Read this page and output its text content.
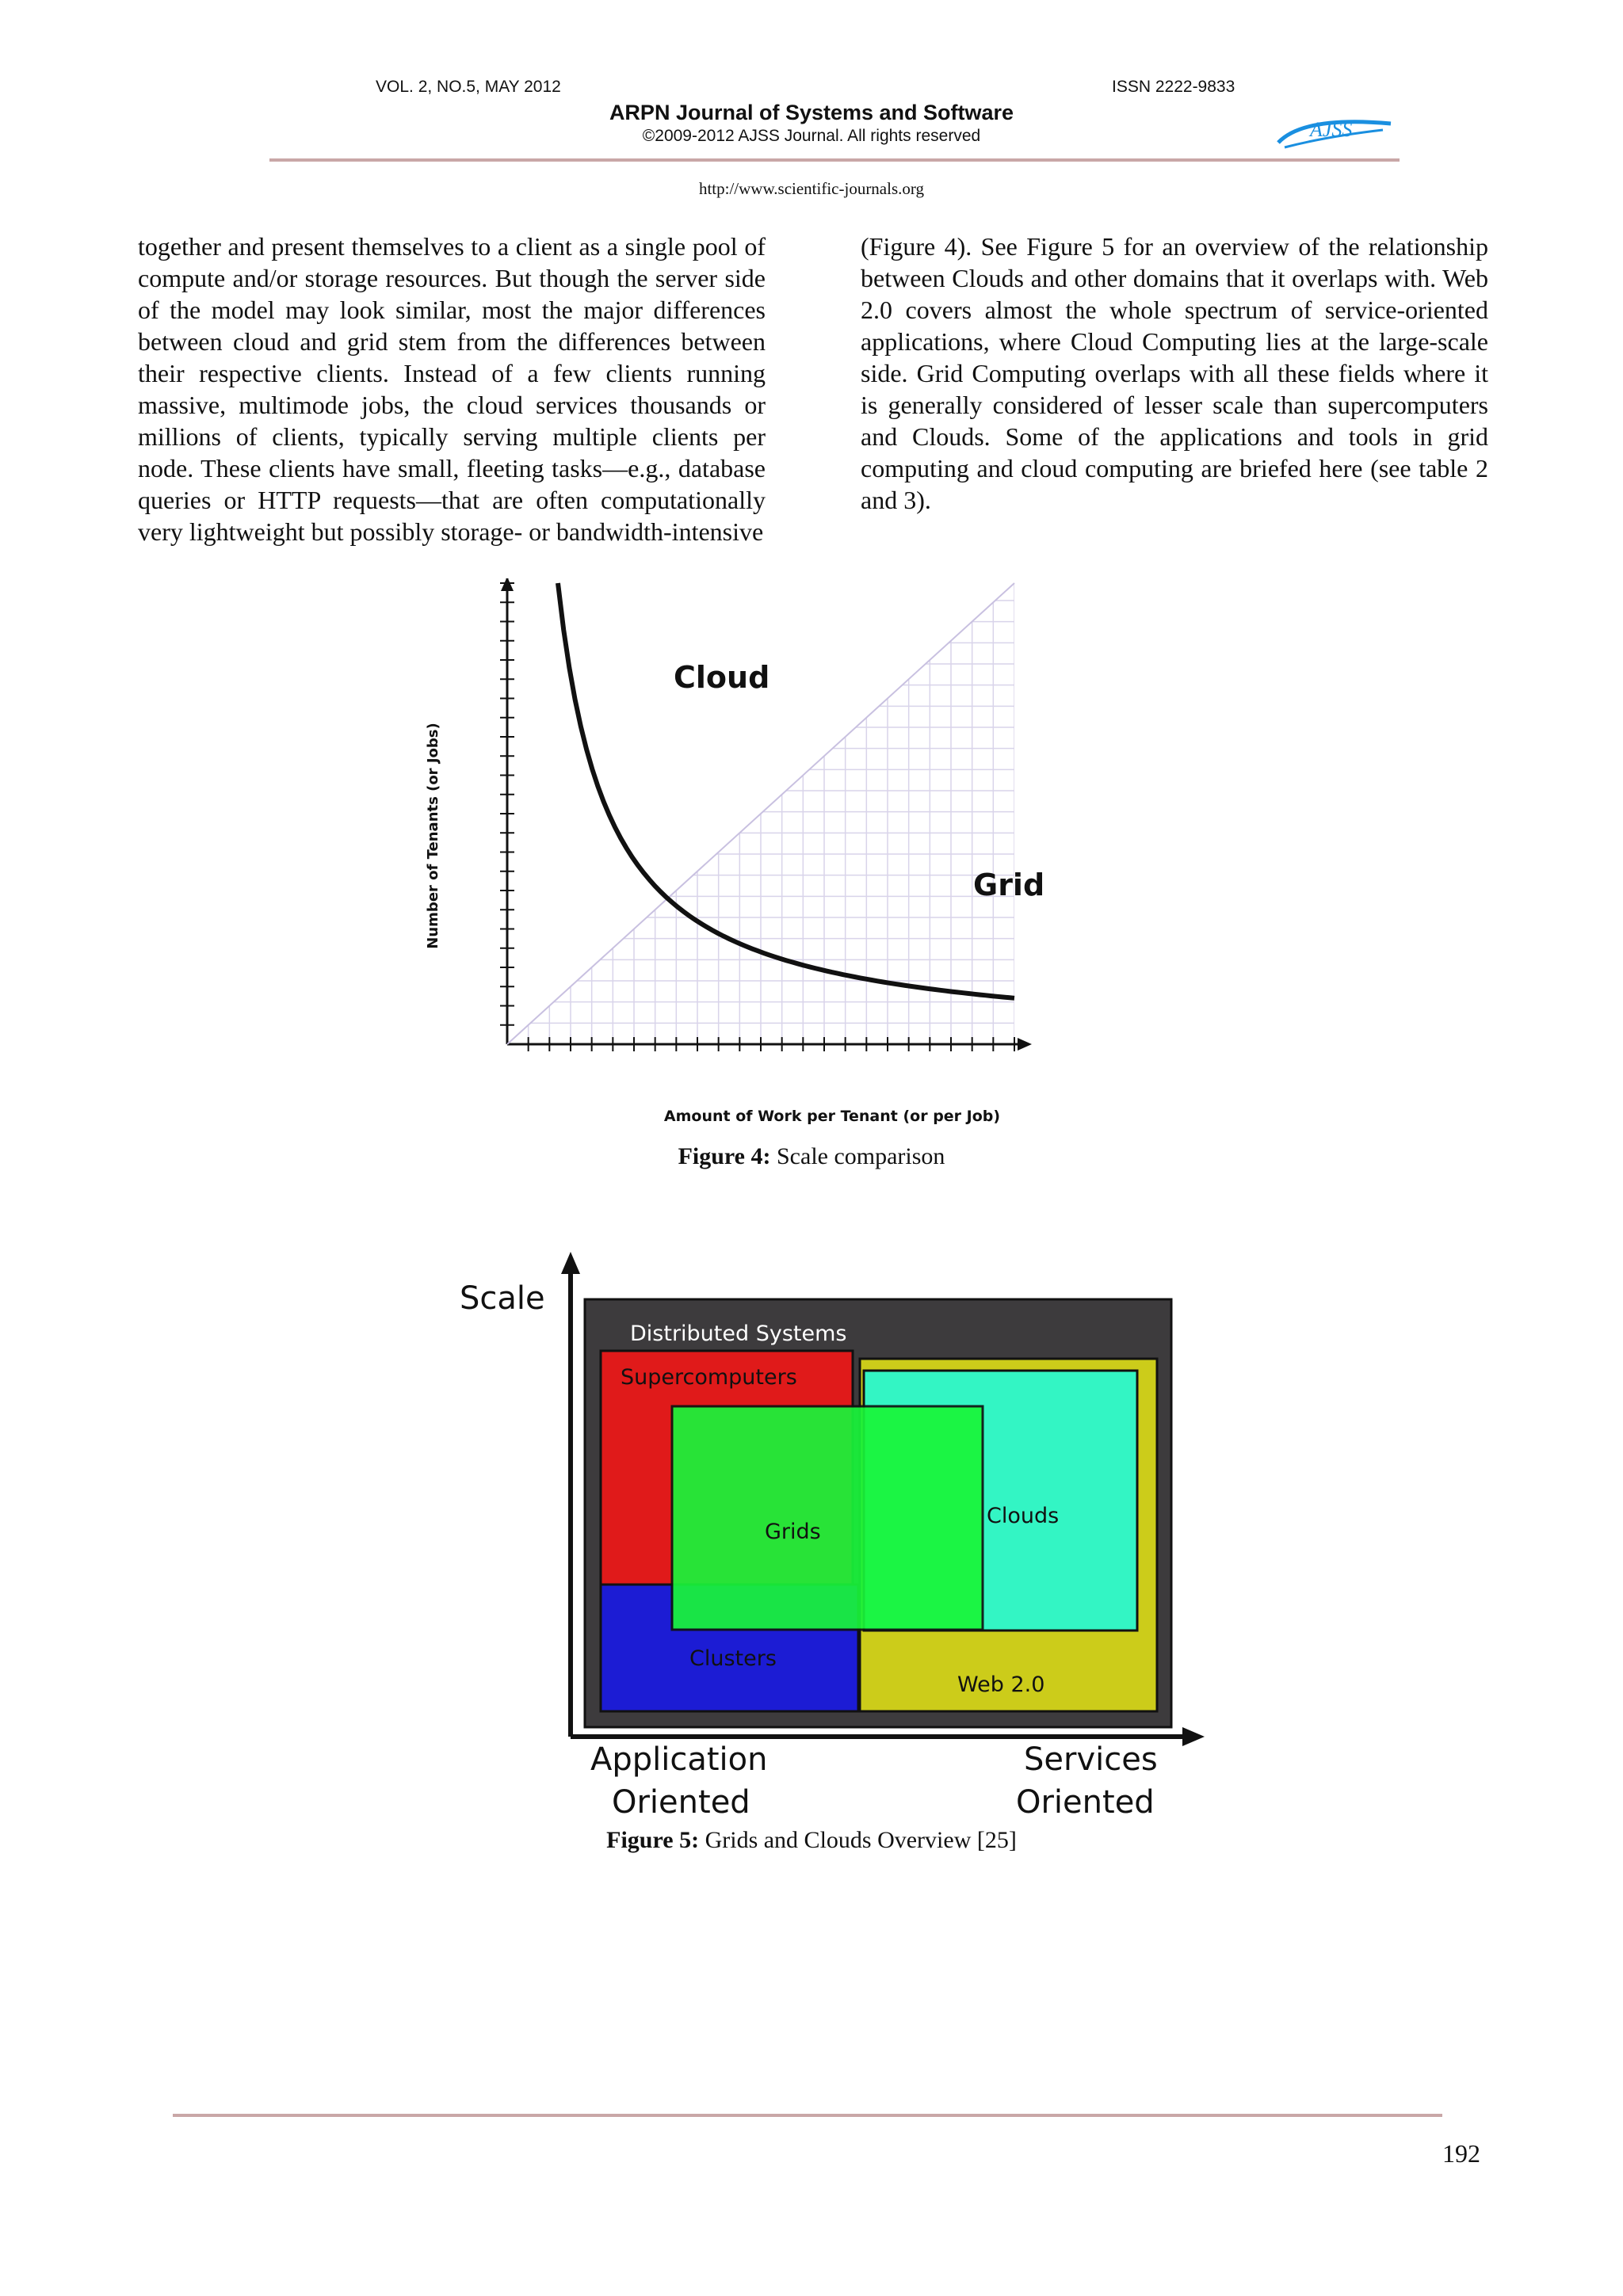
VOL. 2, NO.5, MAY 2012	ISSN 2222-9833
ARPN Journal of Systems and Software
©2009-2012 AJSS Journal. All rights reserved	AJSS
http://www.scientific-journals.org

together and present themselves to a client as a single pool of compute and/or storage resources. But though the server side of the model may look similar, most the major differences between cloud and grid stem from the differences between their respective clients. Instead of a few clients running massive, multimode jobs, the cloud services thousands or millions of clients, typically serving multiple clients per node. These clients have small, fleeting tasks—e.g., database queries or HTTP requests—that are often computationally very lightweight but possibly storage- or bandwidth-intensive

(Figure 4). See Figure 5 for an overview of the relationship between Clouds and other domains that it overlaps with. Web 2.0 covers almost the whole spectrum of service-oriented applications, where Cloud Computing lies at the large-scale side. Grid Computing overlaps with all these fields where it is generally considered of lesser scale than supercomputers and Clouds. Some of the applications and tools in grid computing and cloud computing are briefed here (see table 2 and 3).

Cloud
Grid
Number of Tenants (or Jobs)
Amount of Work per Tenant (or per Job)
Figure 4: Scale comparison
Scale
Distributed Systems
Web 2.0
Clouds
Clusters
Supercomputers
Grids
Application
Oriented
Services
Oriented
Figure 5: Grids and Clouds Overview [25]
192
